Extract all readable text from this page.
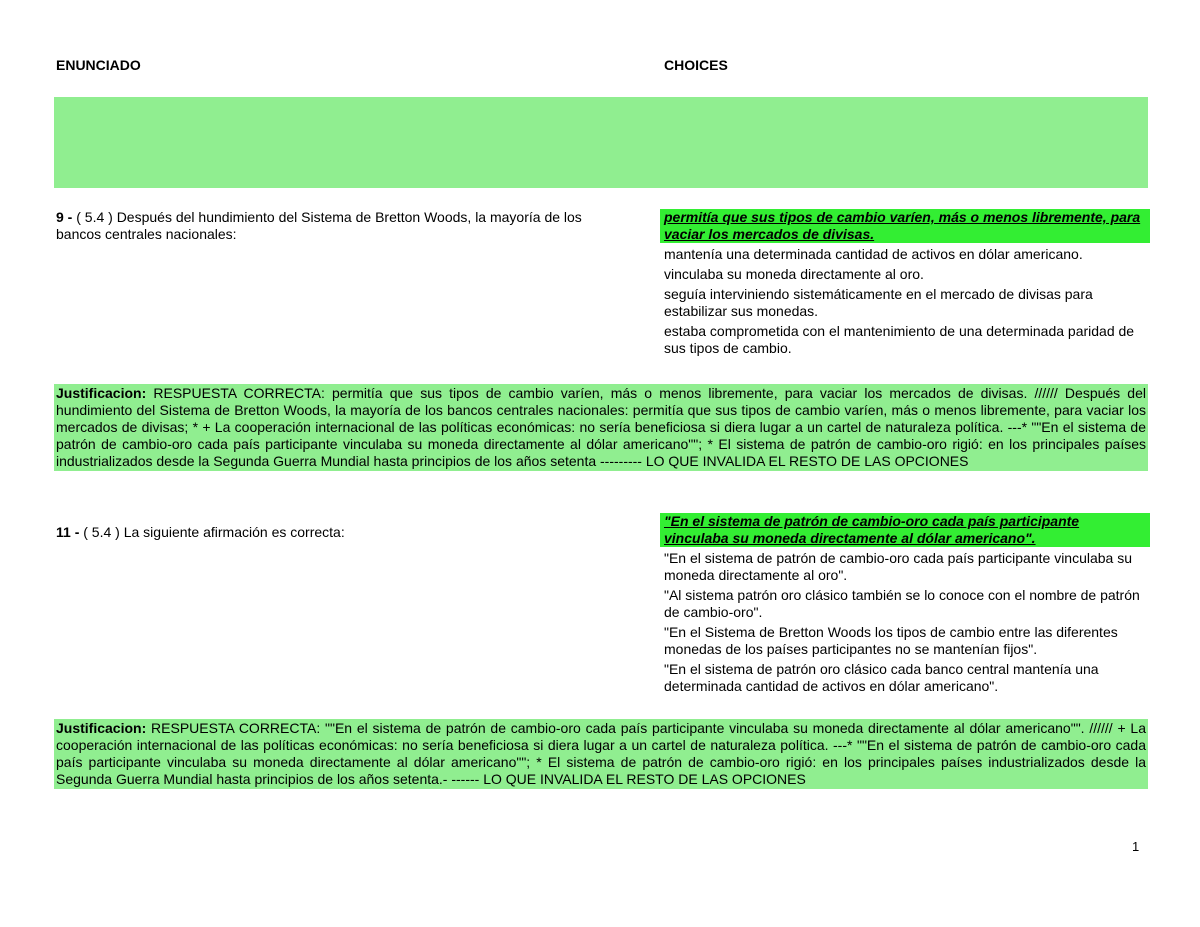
ENUNCIADO	CHOICES
9 - ( 5.4 ) Después del hundimiento del Sistema de Bretton Woods, la mayoría de los bancos centrales nacionales:
permitía que sus tipos de cambio varíen, más o menos libremente, para vaciar los mercados de divisas.
mantenía una determinada cantidad de activos en dólar americano.
vinculaba su moneda directamente al oro.
seguía interviniendo sistemáticamente en el mercado de divisas para estabilizar sus monedas.
estaba comprometida con el mantenimiento de una determinada paridad de sus tipos de cambio.
Justificacion: RESPUESTA CORRECTA: permitía que sus tipos de cambio varíen, más o menos libremente, para vaciar los mercados de divisas. ////// Después del hundimiento del Sistema de Bretton Woods, la mayoría de los bancos centrales nacionales: permitía que sus tipos de cambio varíen, más o menos libremente, para vaciar los mercados de divisas; * + La cooperación internacional de las políticas económicas: no sería beneficiosa si diera lugar a un cartel de naturaleza política. ---* ""En el sistema de patrón de cambio-oro cada país participante vinculaba su moneda directamente al dólar americano""; * El sistema de patrón de cambio-oro rigió: en los principales países industrializados desde la Segunda Guerra Mundial hasta principios de los años setenta --------- LO QUE INVALIDA EL RESTO DE LAS OPCIONES
11 - ( 5.4 ) La siguiente afirmación es correcta:
"En el sistema de patrón de cambio-oro cada país participante vinculaba su moneda directamente al dólar americano".
"En el sistema de patrón de cambio-oro cada país participante vinculaba su moneda directamente al oro".
"Al sistema patrón oro clásico también se lo conoce con el nombre de patrón de cambio-oro".
"En el Sistema de Bretton Woods los tipos de cambio entre las diferentes monedas de los países participantes no se mantenían fijos".
"En el sistema de patrón oro clásico cada banco central mantenía una determinada cantidad de activos en dólar americano".
Justificacion: RESPUESTA CORRECTA: ""En el sistema de patrón de cambio-oro cada país participante vinculaba su moneda directamente al dólar americano"". ////// + La cooperación internacional de las políticas económicas: no sería beneficiosa si diera lugar a un cartel de naturaleza política. ---* ""En el sistema de patrón de cambio-oro cada país participante vinculaba su moneda directamente al dólar americano""; * El sistema de patrón de cambio-oro rigió: en los principales países industrializados desde la Segunda Guerra Mundial hasta principios de los años setenta.- ------ LO QUE INVALIDA EL RESTO DE LAS OPCIONES
1
